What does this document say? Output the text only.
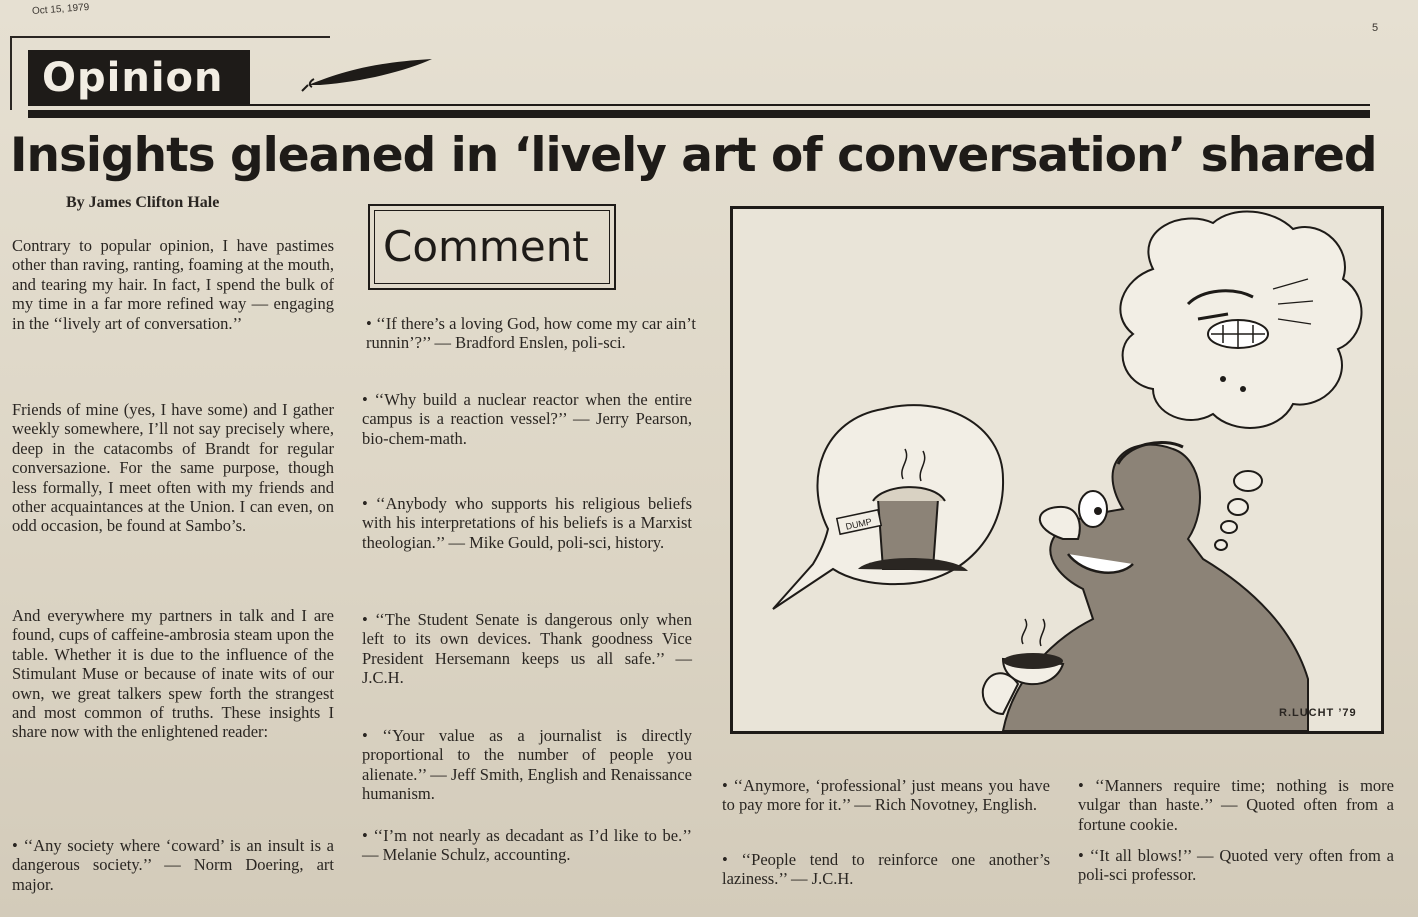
Oct 15, 1979
5
Opinion
Insights gleaned in ‘lively art of conversation’ shared
By James Clifton Hale

Contrary to popular opinion, I have pastimes other than raving, ranting, foaming at the mouth, and tearing my hair. In fact, I spend the bulk of my time in a far more refined way — engaging in the ‘‘lively art of conversation.’’

Friends of mine (yes, I have some) and I gather weekly somewhere, I’ll not say precisely where, deep in the catacombs of Brandt for regular conversazione. For the same purpose, though less formally, I meet often with my friends and other acquaintances at the Union. I can even, on odd occasion, be found at Sambo’s.

And everywhere my partners in talk and I are found, cups of caffeine-ambrosia steam upon the table. Whether it is due to the influence of the Stimulant Muse or because of inate wits of our own, we great talkers spew forth the strangest and most common of truths. These insights I share now with the enlightened reader:

• ‘‘Any society where ‘coward’ is an insult is a dangerous society.’’ — Norm Doering, art major.

Comment

• ‘‘If there’s a loving God, how come my car ain’t runnin’?’’ — Bradford Enslen, poli-sci.

• ‘‘Why build a nuclear reactor when the entire campus is a reaction vessel?’’ — Jerry Pearson, bio-chem-math.

• ‘‘Anybody who supports his religious beliefs with his interpretations of his beliefs is a Marxist theologian.’’ — Mike Gould, poli-sci, history.

• ‘‘The Student Senate is dangerous only when left to its own devices. Thank goodness Vice President Hersemann keeps us all safe.’’ — J.C.H.

• ‘‘Your value as a journalist is directly proportional to the number of people you alienate.’’ — Jeff Smith, English and Renaissance humanism.

• ‘‘I’m not nearly as decadant as I’d like to be.’’ — Melanie Schulz, accounting.

DUMP
R.LUCHT ’79

• ‘‘Anymore, ‘professional’ just means you have to pay more for it.’’ — Rich Novotney, English.

• ‘‘People tend to reinforce one another’s laziness.’’ — J.C.H.

• ‘‘Manners require time; nothing is more vulgar than haste.’’ — Quoted often from a fortune cookie.

• ‘‘It all blows!’’ — Quoted very often from a poli-sci professor.
